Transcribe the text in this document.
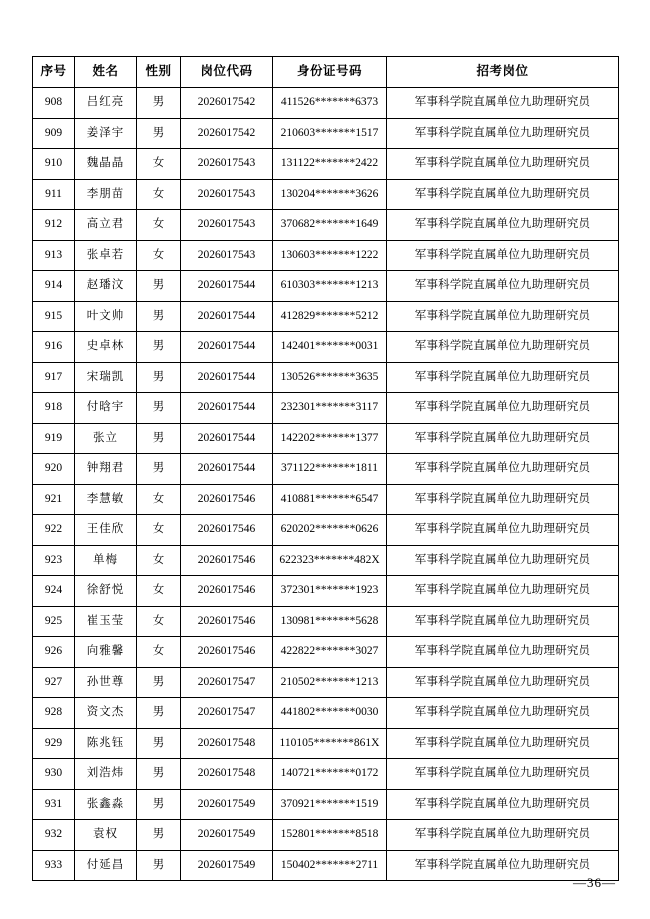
序号	姓名	性别	岗位代码	身份证号码	招考岗位
908	吕红亮	男	2026017542	411526*******6373	军事科学院直属单位九助理研究员
909	姜泽宇	男	2026017542	210603*******1517	军事科学院直属单位九助理研究员
910	魏晶晶	女	2026017543	131122*******2422	军事科学院直属单位九助理研究员
911	李朋苗	女	2026017543	130204*******3626	军事科学院直属单位九助理研究员
912	高立君	女	2026017543	370682*******1649	军事科学院直属单位九助理研究员
913	张卓若	女	2026017543	130603*******1222	军事科学院直属单位九助理研究员
914	赵璠汶	男	2026017544	610303*******1213	军事科学院直属单位九助理研究员
915	叶文帅	男	2026017544	412829*******5212	军事科学院直属单位九助理研究员
916	史卓林	男	2026017544	142401*******0031	军事科学院直属单位九助理研究员
917	宋瑞凯	男	2026017544	130526*******3635	军事科学院直属单位九助理研究员
918	付晗宇	男	2026017544	232301*******3117	军事科学院直属单位九助理研究员
919	张立	男	2026017544	142202*******1377	军事科学院直属单位九助理研究员
920	钟翔君	男	2026017544	371122*******1811	军事科学院直属单位九助理研究员
921	李慧敏	女	2026017546	410881*******6547	军事科学院直属单位九助理研究员
922	王佳欣	女	2026017546	620202*******0626	军事科学院直属单位九助理研究员
923	单梅	女	2026017546	622323*******482X	军事科学院直属单位九助理研究员
924	徐舒悦	女	2026017546	372301*******1923	军事科学院直属单位九助理研究员
925	崔玉莹	女	2026017546	130981*******5628	军事科学院直属单位九助理研究员
926	向雅馨	女	2026017546	422822*******3027	军事科学院直属单位九助理研究员
927	孙世尊	男	2026017547	210502*******1213	军事科学院直属单位九助理研究员
928	资文杰	男	2026017547	441802*******0030	军事科学院直属单位九助理研究员
929	陈兆钰	男	2026017548	110105*******861X	军事科学院直属单位九助理研究员
930	刘浩炜	男	2026017548	140721*******0172	军事科学院直属单位九助理研究员
931	张鑫淼	男	2026017549	370921*******1519	军事科学院直属单位九助理研究员
932	袁权	男	2026017549	152801*******8518	军事科学院直属单位九助理研究员
933	付延昌	男	2026017549	150402*******2711	军事科学院直属单位九助理研究员
—36—
